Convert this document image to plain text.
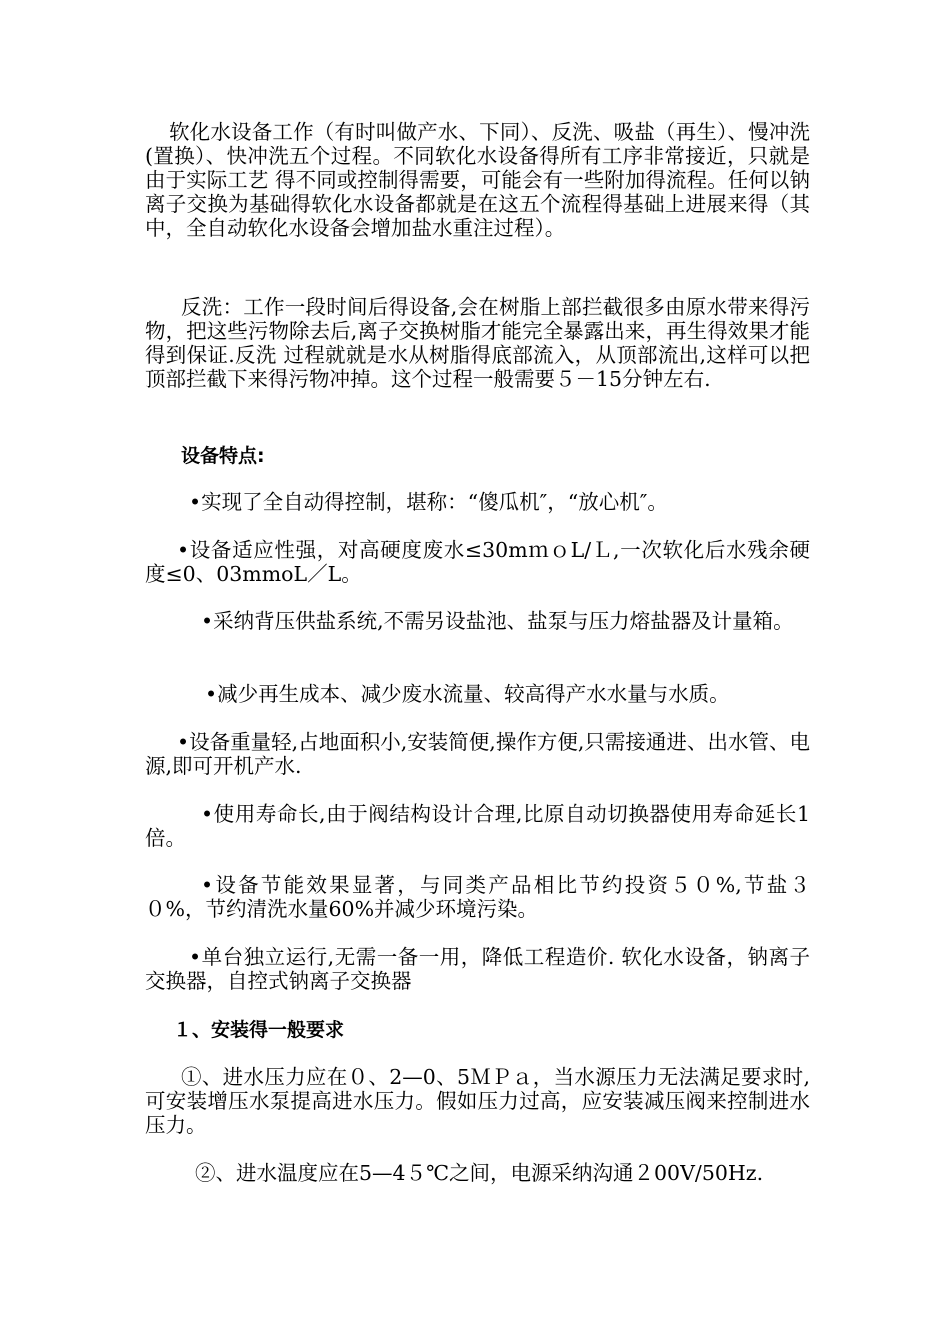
软化水设备工作（有时叫做产水、下同）、反洗、吸盐（再生）、慢冲洗(置换）、快冲洗五个过程。不同软化水设备得所有工序非常接近，只就是由于实际工艺 得不同或控制得需要，可能会有一些附加得流程。任何以钠离子交换为基础得软化水设备都就是在这五个流程得基础上进展来得（其中，全自动软化水设备会增加盐水重注过程）。

反洗：工作一段时间后得设备,会在树脂上部拦截很多由原水带来得污物，把这些污物除去后,离子交换树脂才能完全暴露出来，再生得效果才能得到保证.反洗 过程就就是水从树脂得底部流入，从顶部流出,这样可以把顶部拦截下来得污物冲掉。这个过程一般需要５－15分钟左右.

设备特点:

•实现了全自动得控制，堪称：“傻瓜机″，“放心机″。

•设备适应性强，对高硬度废水≤30mｍｏL/Ｌ,一次软化后水残余硬度≤0、03mmoL／L。

•采纳背压供盐系统,不需另设盐池、盐泵与压力熔盐器及计量箱。

•减少再生成本、减少废水流量、较高得产水水量与水质。

•设备重量轻,占地面积小,安装简便,操作方便,只需接通进、出水管、电源,即可开机产水.

•使用寿命长,由于阀结构设计合理,比原自动切换器使用寿命延长1倍。

•设备节能效果显著，与同类产品相比节约投资５０%,节盐３０%，节约清洗水量60%并减少环境污染。

•单台独立运行,无需一备一用，降低工程造价. 软化水设备，钠离子交换器，自控式钠离子交换器

１、安装得一般要求

①、进水压力应在０、2—0、5ＭＰａ，当水源压力无法满足要求时,可安装增压水泵提高进水压力。假如压力过高，应安装减压阀来控制进水压力。

②、进水温度应在5—4５℃之间，电源采纳沟通２00V/50Hz.
